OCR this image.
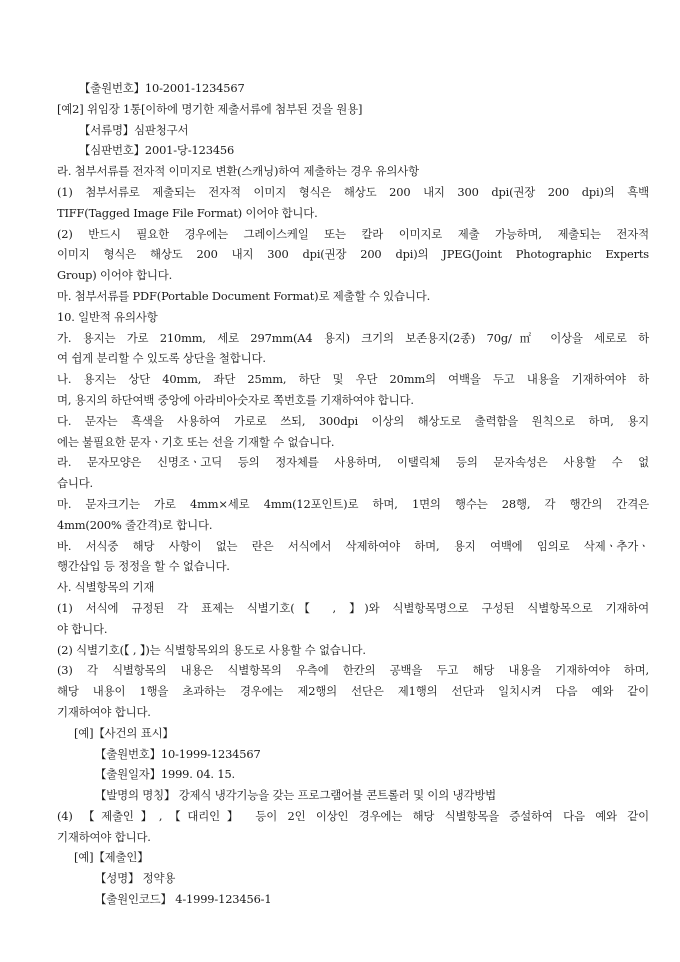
【출원번호】10-2001-1234567
[예2] 위임장 1통[이하에 명기한 제출서류에 첨부된 것을 원용]
【서류명】심판청구서
【심판번호】2001-당-123456
라. 첨부서류를 전자적 이미지로 변환(스캐닝)하여 제출하는 경우 유의사항
(1) 첨부서류로 제출되는 전자적 이미지 형식은 해상도 200 내지 300 dpi(권장 200 dpi)의 흑백
TIFF(Tagged Image File Format) 이어야 합니다.
(2) 반드시 필요한 경우에는 그레이스케일 또는 칼라 이미지로 제출 가능하며, 제출되는 전자적
이미지 형식은 해상도 200 내지 300 dpi(권장 200 dpi)의 JPEG(Joint Photographic Experts
Group) 이어야 합니다.
마. 첨부서류를 PDF(Portable Document Format)로 제출할 수 있습니다.
10. 일반적 유의사항
가. 용지는 가로 210mm, 세로 297mm(A4 용지) 크기의 보존용지(2종) 70g/㎡ 이상을 세로로 하
여 쉽게 분리할 수 있도록 상단을 철합니다.
나. 용지는 상단 40mm, 좌단 25mm, 하단 및 우단 20mm의 여백을 두고 내용을 기재하여야 하
며, 용지의 하단여백 중앙에 아라비아숫자로 쪽번호를 기재하여야 합니다.
다. 문자는 흑색을 사용하여 가로로 쓰되, 300dpi 이상의 해상도로 출력함을 원칙으로 하며, 용지
에는 불필요한 문자ㆍ기호 또는 선을 기재할 수 없습니다.
라. 문자모양은 신명조ㆍ고딕 등의 정자체를 사용하며, 이탤릭체 등의 문자속성은 사용할 수 없
습니다.
마. 문자크기는 가로 4mm×세로 4mm(12포인트)로 하며, 1면의 행수는 28행, 각 행간의 간격은
4mm(200% 줄간격)로 합니다.
바. 서식중 해당 사항이 없는 란은 서식에서 삭제하여야 하며, 용지 여백에 임의로 삭제ㆍ추가ㆍ
행간삽입 등 정정을 할 수 없습니다.
사. 식별항목의 기재
(1) 서식에 규정된 각 표제는 식별기호(【 , 】)와 식별항목명으로 구성된 식별항목으로 기재하여
야 합니다.
(2) 식별기호(【 , 】)는 식별항목외의 용도로 사용할 수 없습니다.
(3) 각 식별항목의 내용은 식별항목의 우측에 한칸의 공백을 두고 해당 내용을 기재하여야 하며,
해당 내용이 1행을 초과하는 경우에는 제2행의 선단은 제1행의 선단과 일치시켜 다음 예와 같이
기재하여야 합니다.
[예]【사건의 표시】
【출원번호】10-1999-1234567
【출원일자】1999. 04. 15.
【발명의 명칭】 강제식 냉각기능을 갖는 프로그램어블 콘트롤러 및 이의 냉각방법
(4) 【제출인】,【대리인】 등이 2인 이상인 경우에는 해당 식별항목을 증설하여 다음 예와 같이
기재하여야 합니다.
[예]【제출인】
【성명】 정약용
【출원인코드】 4-1999-123456-1
